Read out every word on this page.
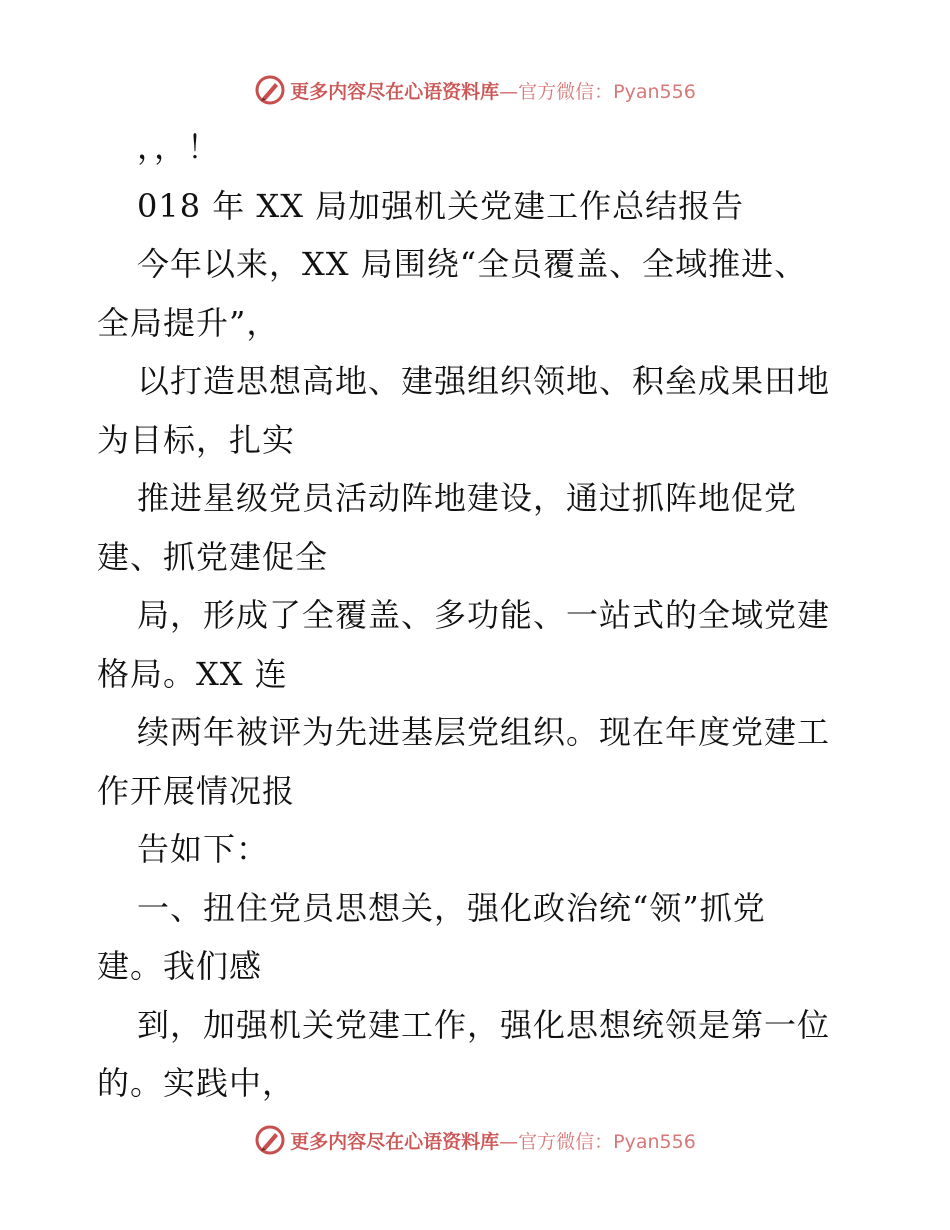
更多内容尽在心语资料库—官方微信：Pyan556
，，！
018 年 XX 局加强机关党建工作总结报告
今年以来，XX 局围绕“全员覆盖、全域推进、
全局提升”，
以打造思想高地、建强组织领地、积垒成果田地
为目标，扎实
推进星级党员活动阵地建设，通过抓阵地促党
建、抓党建促全
局，形成了全覆盖、多功能、一站式的全域党建
格局。XX 连
续两年被评为先进基层党组织。现在年度党建工
作开展情况报
告如下：
一、扭住党员思想关，强化政治统“领”抓党
建。我们感
到，加强机关党建工作，强化思想统领是第一位
的。实践中，
更多内容尽在心语资料库—官方微信：Pyan556
